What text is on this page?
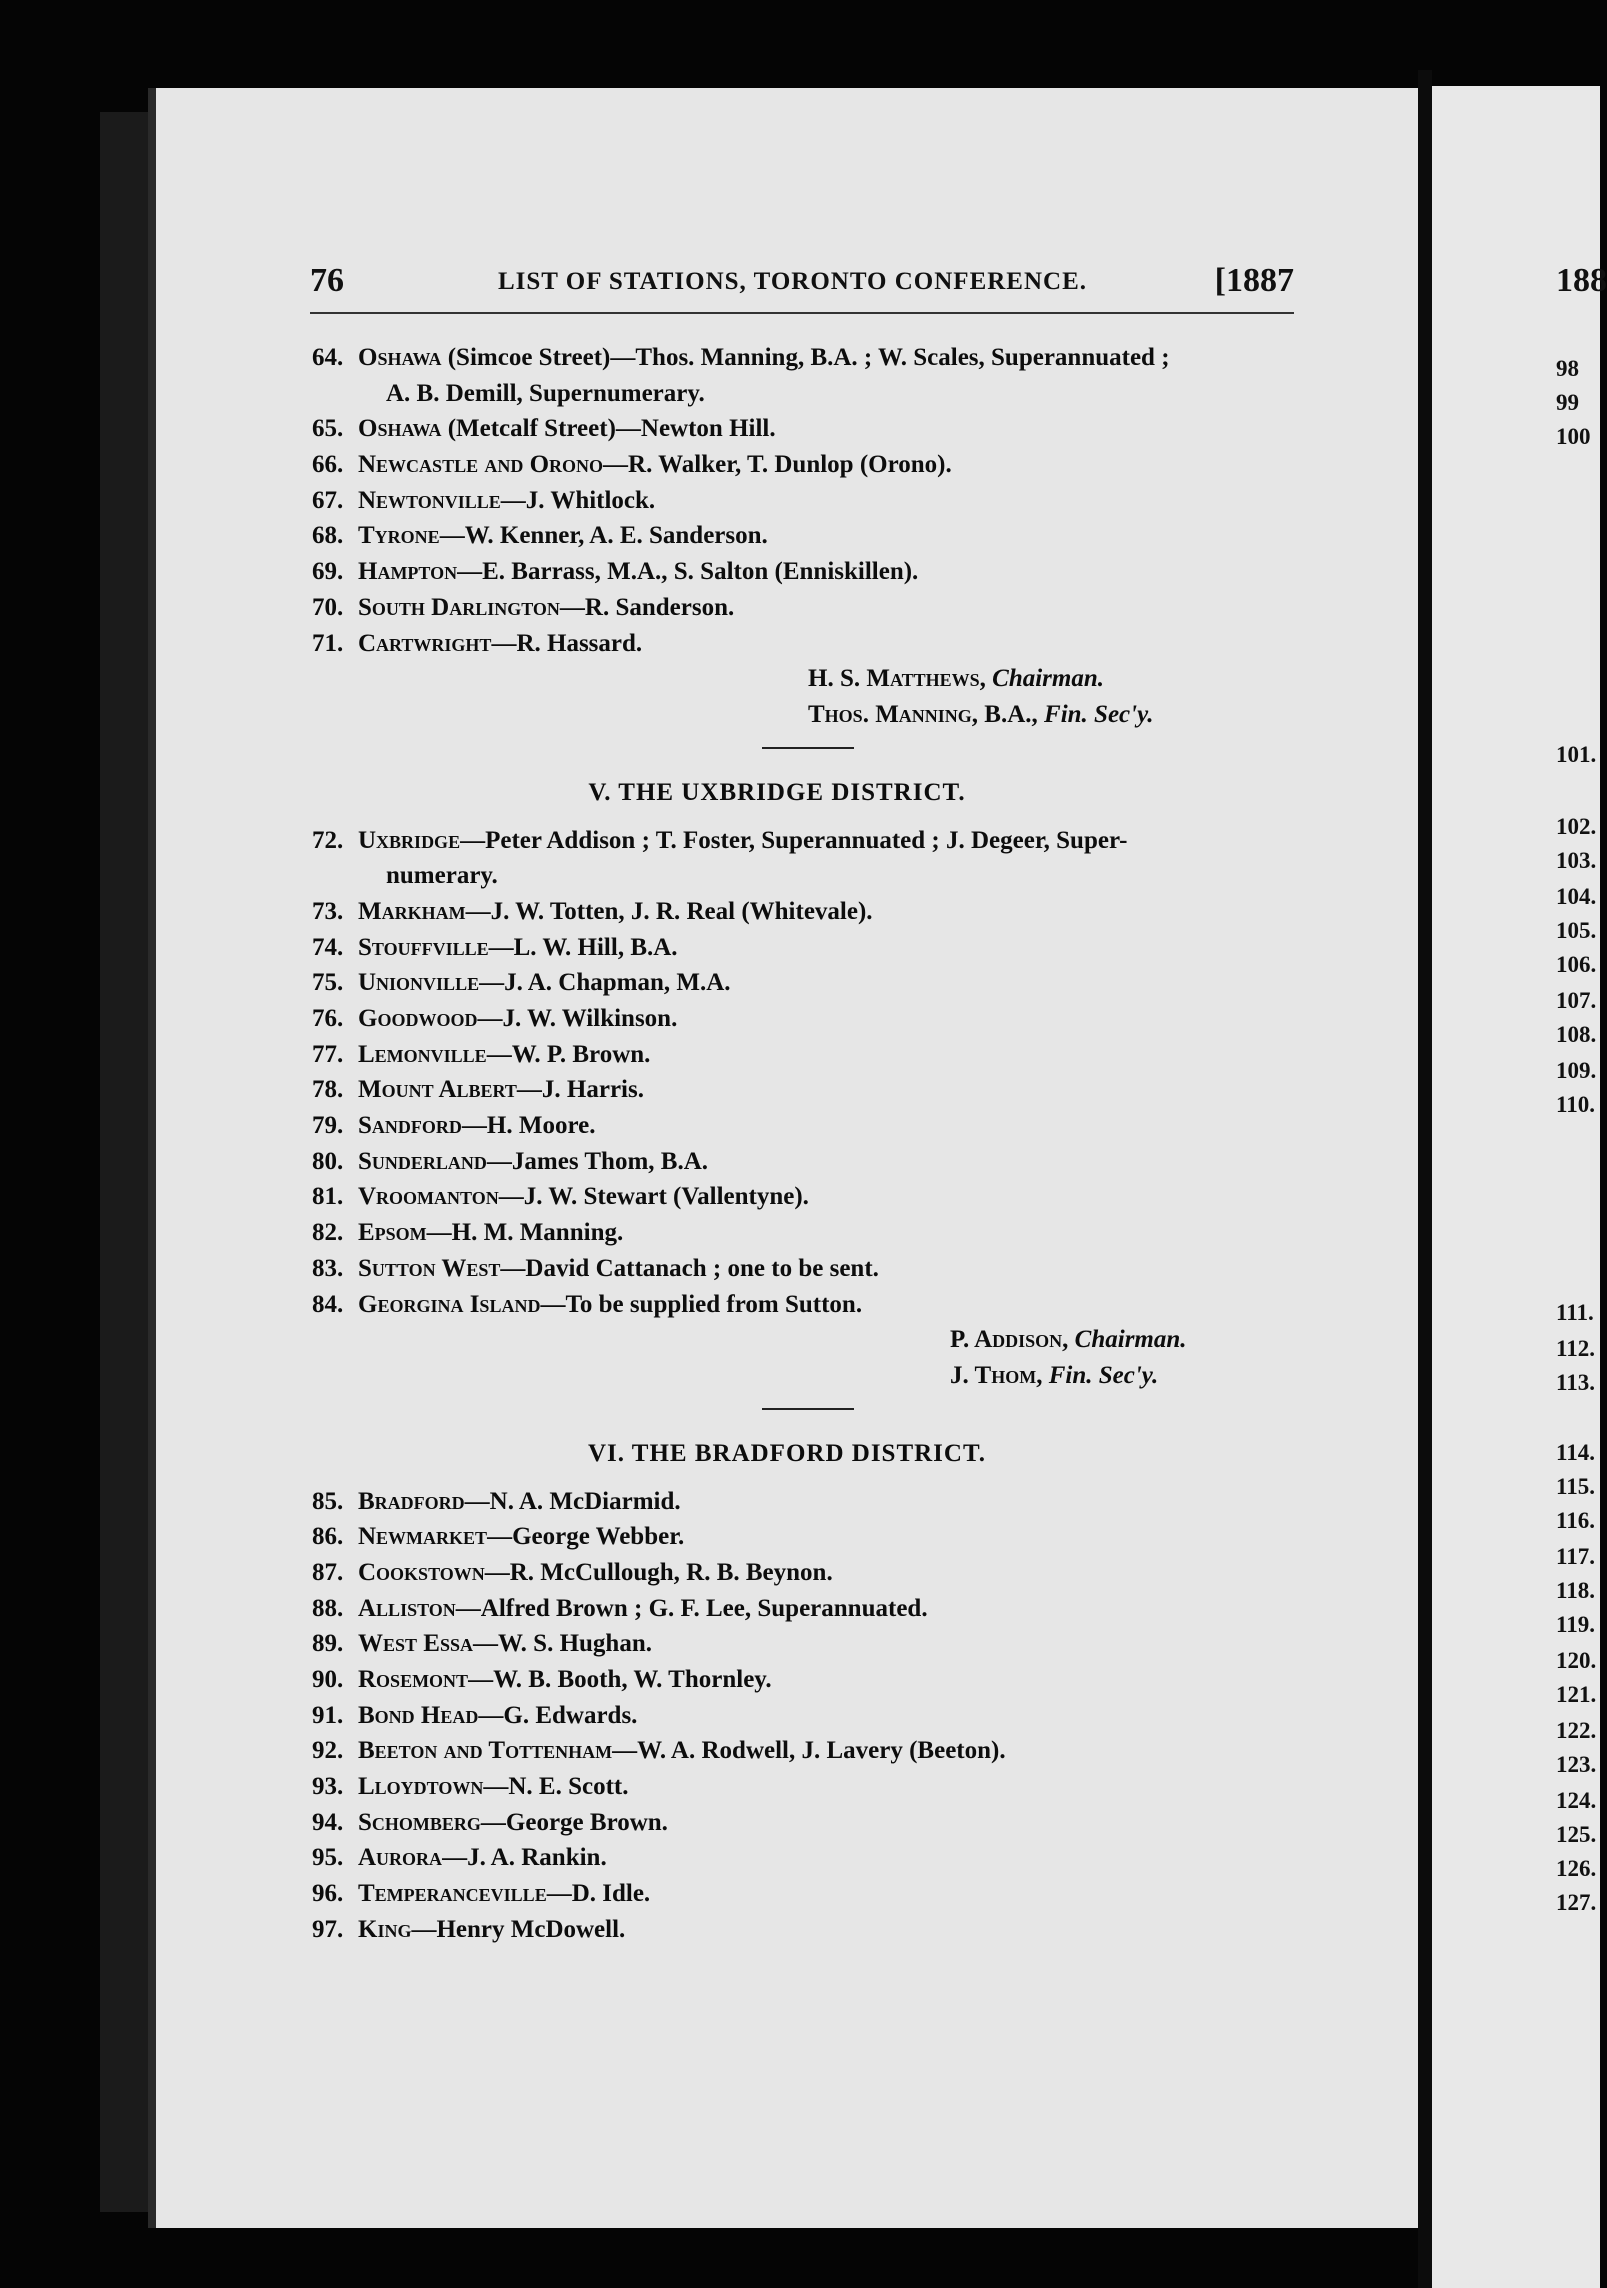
76	LIST OF STATIONS, TORONTO CONFERENCE.	[1887
64. Oshawa (Simcoe Street)—Thos. Manning, B.A. ; W. Scales, Superannuated ;
A. B. Demill, Supernumerary.
65. Oshawa (Metcalf Street)—Newton Hill.
66. Newcastle and Orono—R. Walker, T. Dunlop (Orono).
67. Newtonville—J. Whitlock.
68. Tyrone—W. Kenner, A. E. Sanderson.
69. Hampton—E. Barrass, M.A., S. Salton (Enniskillen).
70. South Darlington—R. Sanderson.
71. Cartwright—R. Hassard.
H. S. Matthews, Chairman.
Thos. Manning, B.A., Fin. Sec'y.
V. THE UXBRIDGE DISTRICT.
72. Uxbridge—Peter Addison ; T. Foster, Superannuated ; J. Degeer, Super-
numerary.
73. Markham—J. W. Totten, J. R. Real (Whitevale).
74. Stouffville—L. W. Hill, B.A.
75. Unionville—J. A. Chapman, M.A.
76. Goodwood—J. W. Wilkinson.
77. Lemonville—W. P. Brown.
78. Mount Albert—J. Harris.
79. Sandford—H. Moore.
80. Sunderland—James Thom, B.A.
81. Vroomanton—J. W. Stewart (Vallentyne).
82. Epsom—H. M. Manning.
83. Sutton West—David Cattanach ; one to be sent.
84. Georgina Island—To be supplied from Sutton.
P. Addison, Chairman.
J. Thom, Fin. Sec'y.
VI. THE BRADFORD DISTRICT.
85. Bradford—N. A. McDiarmid.
86. Newmarket—George Webber.
87. Cookstown—R. McCullough, R. B. Beynon.
88. Alliston—Alfred Brown ; G. F. Lee, Superannuated.
89. West Essa—W. S. Hughan.
90. Rosemont—W. B. Booth, W. Thornley.
91. Bond Head—G. Edwards.
92. Beeton and Tottenham—W. A. Rodwell, J. Lavery (Beeton).
93. Lloydtown—N. E. Scott.
94. Schomberg—George Brown.
95. Aurora—J. A. Rankin.
96. Temperanceville—D. Idle.
97. King—Henry McDowell.
188
98
99
100
101.
102.
103.
104.
105.
106.
107.
108.
109.
110.
111.
112.
113.
114.
115.
116.
117.
118.
119.
120.
121.
122.
123.
124.
125.
126.
127.
